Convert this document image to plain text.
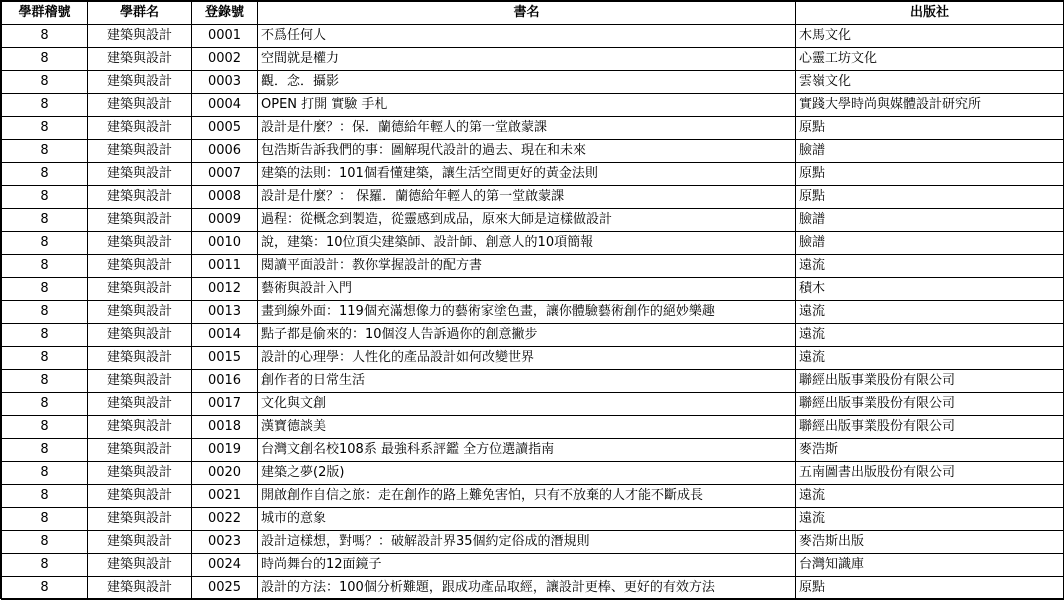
學群稽號	學群名	登錄號	書名	出版社
8	建築與設計	0001	不爲任何人	木馬文化
8	建築與設計	0002	空間就是權力	心靈工坊文化
8	建築與設計	0003	觀．念．攝影	雲嶺文化
8	建築與設計	0004	OPEN 打開 實驗 手札	實踐大學時尚與媒體設計研究所
8	建築與設計	0005	設計是什麼？：保．蘭德給年輕人的第一堂啟蒙課	原點
8	建築與設計	0006	包浩斯告訴我們的事：圖解現代設計的過去、現在和未來	臉譜
8	建築與設計	0007	建築的法則：101個看懂建築，讓生活空間更好的黃金法則	原點
8	建築與設計	0008	設計是什麼？： 保羅．蘭德給年輕人的第一堂啟蒙課	原點
8	建築與設計	0009	過程：從概念到製造，從靈感到成品，原來大師是這樣做設計	臉譜
8	建築與設計	0010	說，建築：10位頂尖建築師、設計師、創意人的10項簡報	臉譜
8	建築與設計	0011	閱讀平面設計：教你掌握設計的配方書	遠流
8	建築與設計	0012	藝術與設計入門	積木
8	建築與設計	0013	畫到線外面：119個充滿想像力的藝術家塗色畫，讓你體驗藝術創作的絕妙樂趣	遠流
8	建築與設計	0014	點子都是偷來的：10個沒人告訴過你的創意撇步	遠流
8	建築與設計	0015	設計的心理學：人性化的產品設計如何改變世界	遠流
8	建築與設計	0016	創作者的日常生活	聯經出版事業股份有限公司
8	建築與設計	0017	文化與文創	聯經出版事業股份有限公司
8	建築與設計	0018	漢寶德談美	聯經出版事業股份有限公司
8	建築與設計	0019	台灣文創名校108系 最強科系評鑑 全方位選讀指南	麥浩斯
8	建築與設計	0020	建築之夢(2版)	五南圖書出版股份有限公司
8	建築與設計	0021	開啟創作自信之旅：走在創作的路上難免害怕，只有不放棄的人才能不斷成長	遠流
8	建築與設計	0022	城市的意象	遠流
8	建築與設計	0023	設計這樣想，對嗎？：破解設計界35個約定俗成的潛規則	麥浩斯出版
8	建築與設計	0024	時尚舞台的12面鏡子	台灣知識庫
8	建築與設計	0025	設計的方法：100個分析難題，跟成功產品取經，讓設計更棒、更好的有效方法	原點
